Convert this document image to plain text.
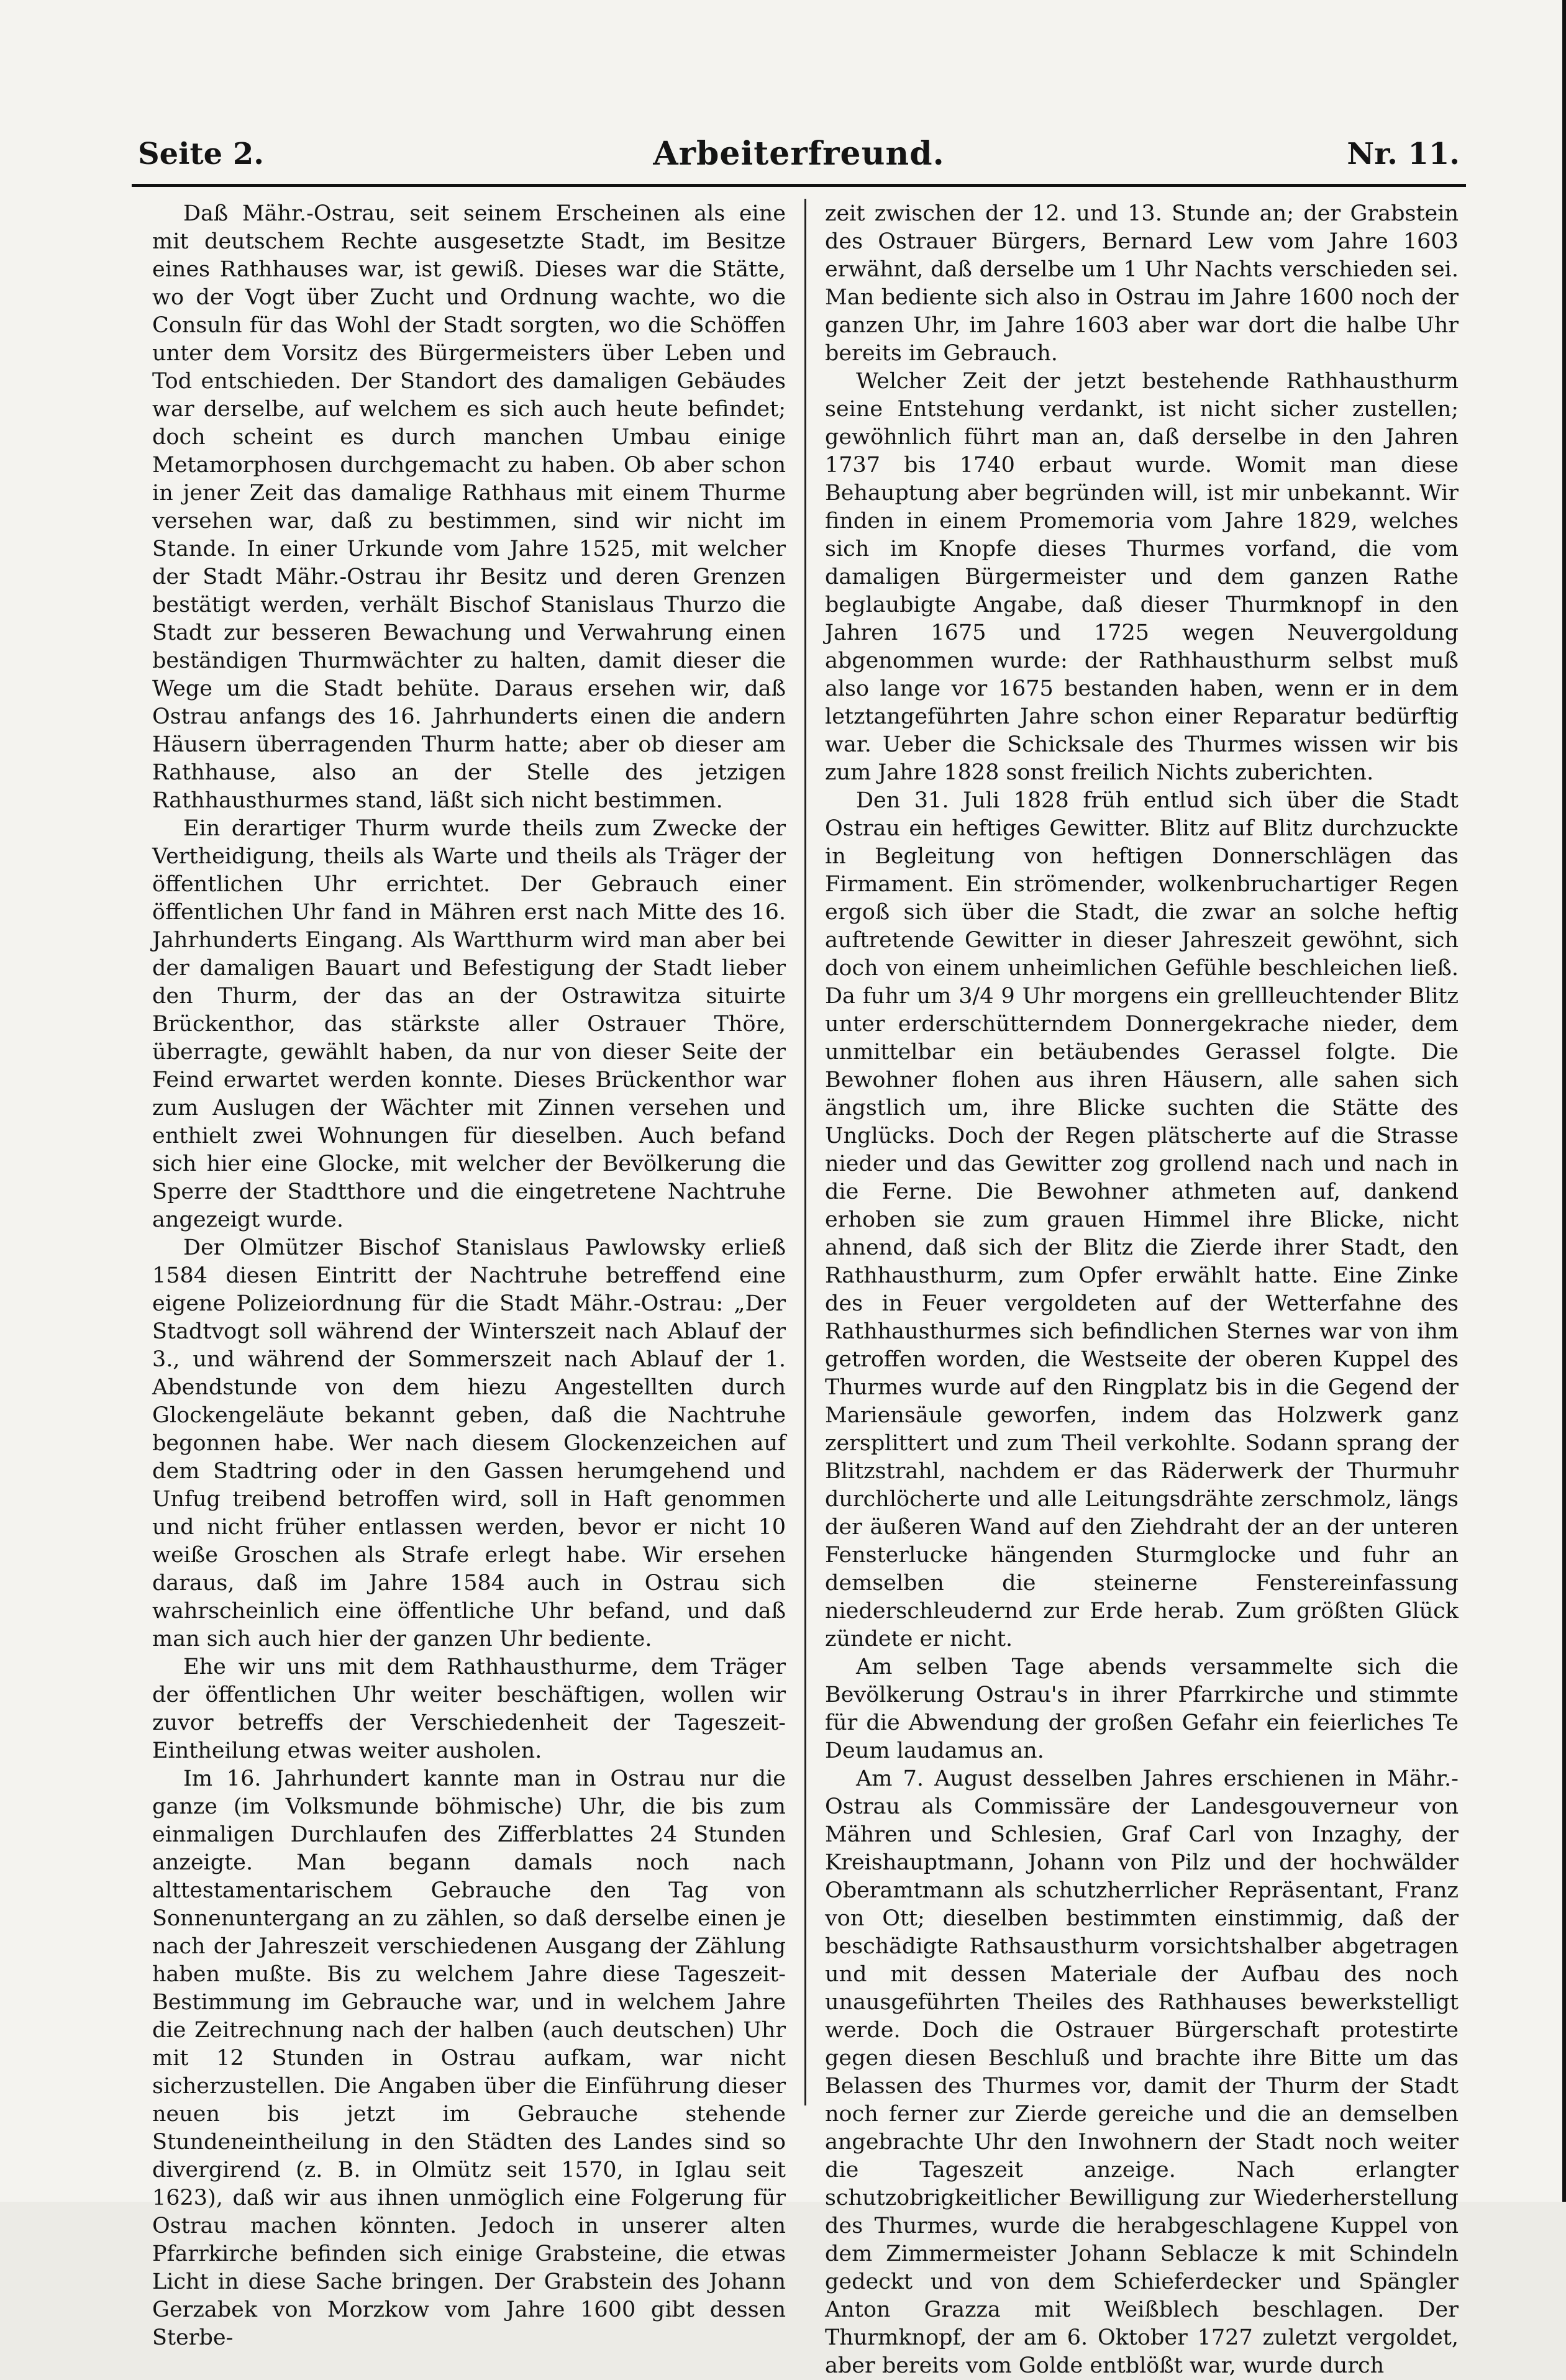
Seite 2.	Arbeiterfreund.	Nr. 11.

Daß Mähr.-Ostrau, seit seinem Erscheinen als eine mit deutschem Rechte ausgesetzte Stadt, im Besitze eines Rathhauses war, ist gewiß. Dieses war die Stätte, wo der Vogt über Zucht und Ordnung wachte, wo die Consuln für das Wohl der Stadt sorgten, wo die Schöffen unter dem Vorsitz des Bürgermeisters über Leben und Tod entschieden. Der Standort des damaligen Gebäudes war derselbe, auf welchem es sich auch heute befindet; doch scheint es durch manchen Umbau einige Metamorphosen durchgemacht zu haben. Ob aber schon in jener Zeit das damalige Rathhaus mit einem Thurme versehen war, daß zu bestimmen, sind wir nicht im Stande. In einer Urkunde vom Jahre 1525, mit welcher der Stadt Mähr.-Ostrau ihr Besitz und deren Grenzen bestätigt werden, verhält Bischof Stanislaus Thurzo die Stadt zur besseren Bewachung und Verwahrung einen beständigen Thurmwächter zu halten, damit dieser die Wege um die Stadt behüte. Daraus ersehen wir, daß Ostrau anfangs des 16. Jahrhunderts einen die andern Häusern überragenden Thurm hatte; aber ob dieser am Rathhause, also an der Stelle des jetzigen Rathhausthurmes stand, läßt sich nicht bestimmen.

Ein derartiger Thurm wurde theils zum Zwecke der Vertheidigung, theils als Warte und theils als Träger der öffentlichen Uhr errichtet. Der Gebrauch einer öffentlichen Uhr fand in Mähren erst nach Mitte des 16. Jahrhunderts Eingang. Als Wartthurm wird man aber bei der damaligen Bauart und Befestigung der Stadt lieber den Thurm, der das an der Ostrawitza situirte Brückenthor, das stärkste aller Ostrauer Thöre, überragte, gewählt haben, da nur von dieser Seite der Feind erwartet werden konnte. Dieses Brückenthor war zum Auslugen der Wächter mit Zinnen versehen und enthielt zwei Wohnungen für dieselben. Auch befand sich hier eine Glocke, mit welcher der Bevölkerung die Sperre der Stadtthore und die eingetretene Nachtruhe angezeigt wurde.

Der Olmützer Bischof Stanislaus Pawlowsky erließ 1584 diesen Eintritt der Nachtruhe betreffend eine eigene Polizeiordnung für die Stadt Mähr.-Ostrau: „Der Stadtvogt soll während der Winterszeit nach Ablauf der 3., und während der Sommerszeit nach Ablauf der 1. Abendstunde von dem hiezu Angestellten durch Glockengeläute bekannt geben, daß die Nachtruhe begonnen habe. Wer nach diesem Glockenzeichen auf dem Stadtring oder in den Gassen herumgehend und Unfug treibend betroffen wird, soll in Haft genommen und nicht früher entlassen werden, bevor er nicht 10 weiße Groschen als Strafe erlegt habe. Wir ersehen daraus, daß im Jahre 1584 auch in Ostrau sich wahrscheinlich eine öffentliche Uhr befand, und daß man sich auch hier der ganzen Uhr bediente.

Ehe wir uns mit dem Rathhausthurme, dem Träger der öffentlichen Uhr weiter beschäftigen, wollen wir zuvor betreffs der Verschiedenheit der Tageszeit-Eintheilung etwas weiter ausholen.

Im 16. Jahrhundert kannte man in Ostrau nur die ganze (im Volksmunde böhmische) Uhr, die bis zum einmaligen Durchlaufen des Zifferblattes 24 Stunden anzeigte. Man begann damals noch nach alttestamentarischem Gebrauche den Tag von Sonnenuntergang an zu zählen, so daß derselbe einen je nach der Jahreszeit verschiedenen Ausgang der Zählung haben mußte. Bis zu welchem Jahre diese Tageszeit-Bestimmung im Gebrauche war, und in welchem Jahre die Zeitrechnung nach der halben (auch deutschen) Uhr mit 12 Stunden in Ostrau aufkam, war nicht sicherzustellen. Die Angaben über die Einführung dieser neuen bis jetzt im Gebrauche stehende Stundeneintheilung in den Städten des Landes sind so divergirend (z. B. in Olmütz seit 1570, in Iglau seit 1623), daß wir aus ihnen unmöglich eine Folgerung für Ostrau machen könnten. Jedoch in unserer alten Pfarrkirche befinden sich einige Grabsteine, die etwas Licht in diese Sache bringen. Der Grabstein des Johann Gerzabek von Morzkow vom Jahre 1600 gibt dessen Sterbe-

zeit zwischen der 12. und 13. Stunde an; der Grabstein des Ostrauer Bürgers, Bernard Lew vom Jahre 1603 erwähnt, daß derselbe um 1 Uhr Nachts verschieden sei. Man bediente sich also in Ostrau im Jahre 1600 noch der ganzen Uhr, im Jahre 1603 aber war dort die halbe Uhr bereits im Gebrauch.

Welcher Zeit der jetzt bestehende Rathhausthurm seine Entstehung verdankt, ist nicht sicher zustellen; gewöhnlich führt man an, daß derselbe in den Jahren 1737 bis 1740 erbaut wurde. Womit man diese Behauptung aber begründen will, ist mir unbekannt. Wir finden in einem Promemoria vom Jahre 1829, welches sich im Knopfe dieses Thurmes vorfand, die vom damaligen Bürgermeister und dem ganzen Rathe beglaubigte Angabe, daß dieser Thurmknopf in den Jahren 1675 und 1725 wegen Neuvergoldung abgenommen wurde: der Rathhausthurm selbst muß also lange vor 1675 bestanden haben, wenn er in dem letztangeführten Jahre schon einer Reparatur bedürftig war. Ueber die Schicksale des Thurmes wissen wir bis zum Jahre 1828 sonst freilich Nichts zuberichten.

Den 31. Juli 1828 früh entlud sich über die Stadt Ostrau ein heftiges Gewitter. Blitz auf Blitz durchzuckte in Begleitung von heftigen Donnerschlägen das Firmament. Ein strömender, wolkenbruchartiger Regen ergoß sich über die Stadt, die zwar an solche heftig auftretende Gewitter in dieser Jahreszeit gewöhnt, sich doch von einem unheimlichen Gefühle beschleichen ließ. Da fuhr um 3/4 9 Uhr morgens ein grellleuchtender Blitz unter erderschütterndem Donnergekrache nieder, dem unmittelbar ein betäubendes Gerassel folgte. Die Bewohner flohen aus ihren Häusern, alle sahen sich ängstlich um, ihre Blicke suchten die Stätte des Unglücks. Doch der Regen plätscherte auf die Strasse nieder und das Gewitter zog grollend nach und nach in die Ferne. Die Bewohner athmeten auf, dankend erhoben sie zum grauen Himmel ihre Blicke, nicht ahnend, daß sich der Blitz die Zierde ihrer Stadt, den Rathhausthurm, zum Opfer erwählt hatte. Eine Zinke des in Feuer vergoldeten auf der Wetterfahne des Rathhausthurmes sich befindlichen Sternes war von ihm getroffen worden, die Westseite der oberen Kuppel des Thurmes wurde auf den Ringplatz bis in die Gegend der Mariensäule geworfen, indem das Holzwerk ganz zersplittert und zum Theil verkohlte. Sodann sprang der Blitzstrahl, nachdem er das Räderwerk der Thurmuhr durchlöcherte und alle Leitungsdrähte zerschmolz, längs der äußeren Wand auf den Ziehdraht der an der unteren Fensterlucke hängenden Sturmglocke und fuhr an demselben die steinerne Fenstereinfassung niederschleudernd zur Erde herab. Zum größten Glück zündete er nicht.

Am selben Tage abends versammelte sich die Bevölkerung Ostrau's in ihrer Pfarrkirche und stimmte für die Abwendung der großen Gefahr ein feierliches Te Deum laudamus an.

Am 7. August desselben Jahres erschienen in Mähr.-Ostrau als Commissäre der Landesgouverneur von Mähren und Schlesien, Graf Carl von Inzaghy, der Kreishauptmann, Johann von Pilz und der hochwälder Oberamtmann als schutzherrlicher Repräsentant, Franz von Ott; dieselben bestimmten einstimmig, daß der beschädigte Rathsausthurm vorsichtshalber abgetragen und mit dessen Materiale der Aufbau des noch unausgeführten Theiles des Rathhauses bewerkstelligt werde. Doch die Ostrauer Bürgerschaft protestirte gegen diesen Beschluß und brachte ihre Bitte um das Belassen des Thurmes vor, damit der Thurm der Stadt noch ferner zur Zierde gereiche und die an demselben angebrachte Uhr den Inwohnern der Stadt noch weiter die Tageszeit anzeige. Nach erlangter schutzobrigkeitlicher Bewilligung zur Wiederherstellung des Thurmes, wurde die herabgeschlagene Kuppel von dem Zimmermeister Johann Seblacze k mit Schindeln gedeckt und von dem Schieferdecker und Spängler Anton Grazza mit Weißblech beschlagen. Der Thurmknopf, der am 6. Oktober 1727 zuletzt vergoldet, aber bereits vom Golde entblößt war, wurde durch
